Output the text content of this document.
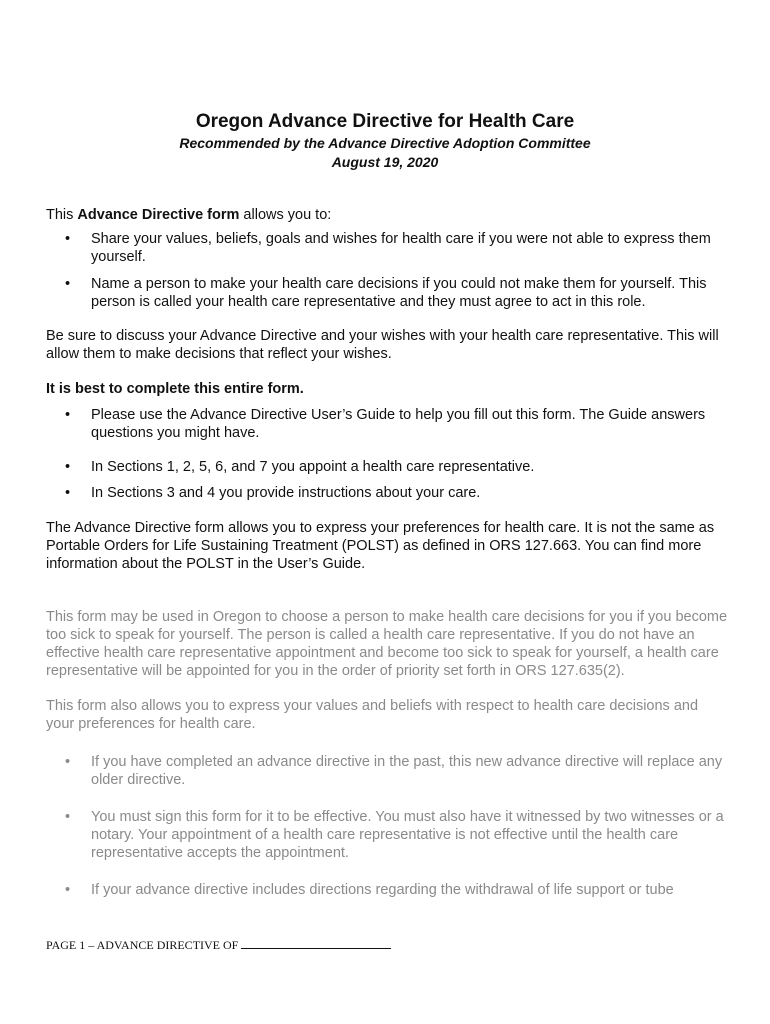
Oregon Advance Directive for Health Care

Recommended by the Advance Directive Adoption Committee

August 19, 2020

This Advance Directive form allows you to:

• Share your values, beliefs, goals and wishes for health care if you were not able to express them yourself.
• Name a person to make your health care decisions if you could not make them for yourself. This person is called your health care representative and they must agree to act in this role.

Be sure to discuss your Advance Directive and your wishes with your health care representative. This will allow them to make decisions that reflect your wishes.

It is best to complete this entire form.

• Please use the Advance Directive User’s Guide to help you fill out this form. The Guide answers questions you might have.
• In Sections 1, 2, 5, 6, and 7 you appoint a health care representative.
• In Sections 3 and 4 you provide instructions about your care.

The Advance Directive form allows you to express your preferences for health care. It is not the same as Portable Orders for Life Sustaining Treatment (POLST) as defined in ORS 127.663. You can find more information about the POLST in the User’s Guide.

This form may be used in Oregon to choose a person to make health care decisions for you if you become too sick to speak for yourself. The person is called a health care representative. If you do not have an effective health care representative appointment and become too sick to speak for yourself, a health care representative will be appointed for you in the order of priority set forth in ORS 127.635(2).

This form also allows you to express your values and beliefs with respect to health care decisions and your preferences for health care.

• If you have completed an advance directive in the past, this new advance directive will replace any older directive.
• You must sign this form for it to be effective. You must also have it witnessed by two witnesses or a notary. Your appointment of a health care representative is not effective until the health care representative accepts the appointment.
• If your advance directive includes directions regarding the withdrawal of life support or tube
PAGE 1 – ADVANCE DIRECTIVE OF
